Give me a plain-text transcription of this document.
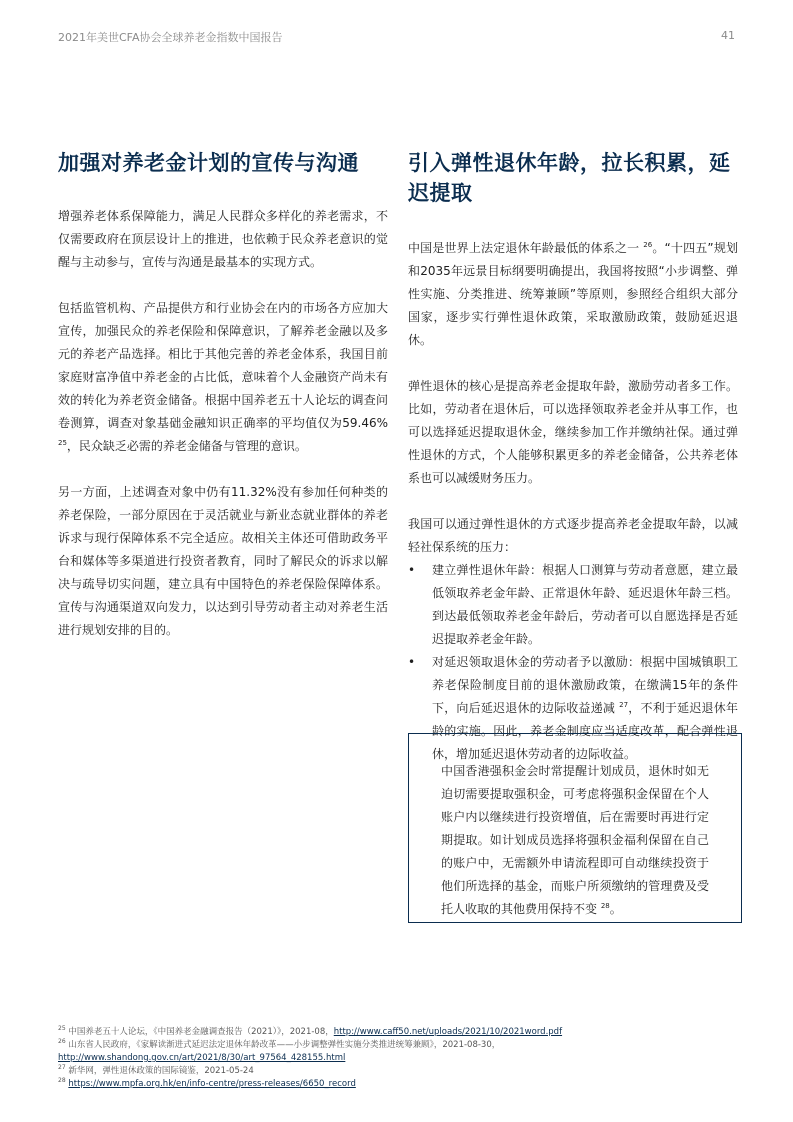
2021年美世CFA协会全球养老金指数中国报告	41
加强对养老金计划的宣传与沟通

增强养老体系保障能力，满足人民群众多样化的养老需求，不仅需要政府在顶层设计上的推进，也依赖于民众养老意识的觉醒与主动参与，宣传与沟通是最基本的实现方式。

包括监管机构、产品提供方和行业协会在内的市场各方应加大宣传，加强民众的养老保险和保障意识，了解养老金融以及多元的养老产品选择。相比于其他完善的养老金体系，我国目前家庭财富净值中养老金的占比低，意味着个人金融资产尚未有效的转化为养老资金储备。根据中国养老五十人论坛的调查问卷测算，调查对象基础金融知识正确率的平均值仅为59.46% $^{25}$，民众缺乏必需的养老金储备与管理的意识。

另一方面，上述调查对象中仍有11.32%没有参加任何种类的养老保险，一部分原因在于灵活就业与新业态就业群体的养老诉求与现行保障体系不完全适应。故相关主体还可借助政务平台和媒体等多渠道进行投资者教育，同时了解民众的诉求以解决与疏导切实问题，建立具有中国特色的养老保险保障体系。宣传与沟通渠道双向发力，以达到引导劳动者主动对养老生活进行规划安排的目的。

引入弹性退休年龄，拉长积累，延迟提取

中国是世界上法定退休年龄最低的体系之一 $^{26}$。“十四五”规划和2035年远景目标纲要明确提出，我国将按照“小步调整、弹性实施、分类推进、统筹兼顾”等原则，参照经合组织大部分国家，逐步实行弹性退休政策，采取激励政策，鼓励延迟退休。

弹性退休的核心是提高养老金提取年龄，激励劳动者多工作。比如，劳动者在退休后，可以选择领取养老金并从事工作，也可以选择延迟提取退休金，继续参加工作并缴纳社保。通过弹性退休的方式，个人能够积累更多的养老金储备，公共养老体系也可以减缓财务压力。

我国可以通过弹性退休的方式逐步提高养老金提取年龄，以减轻社保系统的压力：

• 建立弹性退休年龄：根据人口测算与劳动者意愿，建立最低领取养老金年龄、正常退休年龄、延迟退休年龄三档。到达最低领取养老金年龄后，劳动者可以自愿选择是否延迟提取养老金年龄。
• 对延迟领取退休金的劳动者予以激励：根据中国城镇职工养老保险制度目前的退休激励政策，在缴满15年的条件下，向后延迟退休的边际收益递减 $^{27}$，不利于延迟退休年龄的实施。因此，养老金制度应当适度改革，配合弹性退休，增加延迟退休劳动者的边际收益。

中国香港强积金会时常提醒计划成员，退休时如无迫切需要提取强积金，可考虑将强积金保留在个人账户内以继续进行投资增值，后在需要时再进行定期提取。如计划成员选择将强积金福利保留在自己的账户中，无需额外申请流程即可自动继续投资于他们所选择的基金，而账户所须缴纳的管理费及受托人收取的其他费用保持不变 $^{28}$。

$^{25}$ 中国养老五十人论坛，《中国养老金融调查报告（2021）》，2021-08，http://www.caff50.net/uploads/2021/10/2021word.pdf
$^{26}$ 山东省人民政府，《家解读渐进式延迟法定退休年龄改革——小步调整弹性实施分类推进统筹兼顾》，2021-08-30，
http://www.shandong.gov.cn/art/2021/8/30/art_97564_428155.html
$^{27}$ 新华网，弹性退休政策的国际镜鉴，2021-05-24
$^{28}$ https://www.mpfa.org.hk/en/info-centre/press-releases/6650_record
